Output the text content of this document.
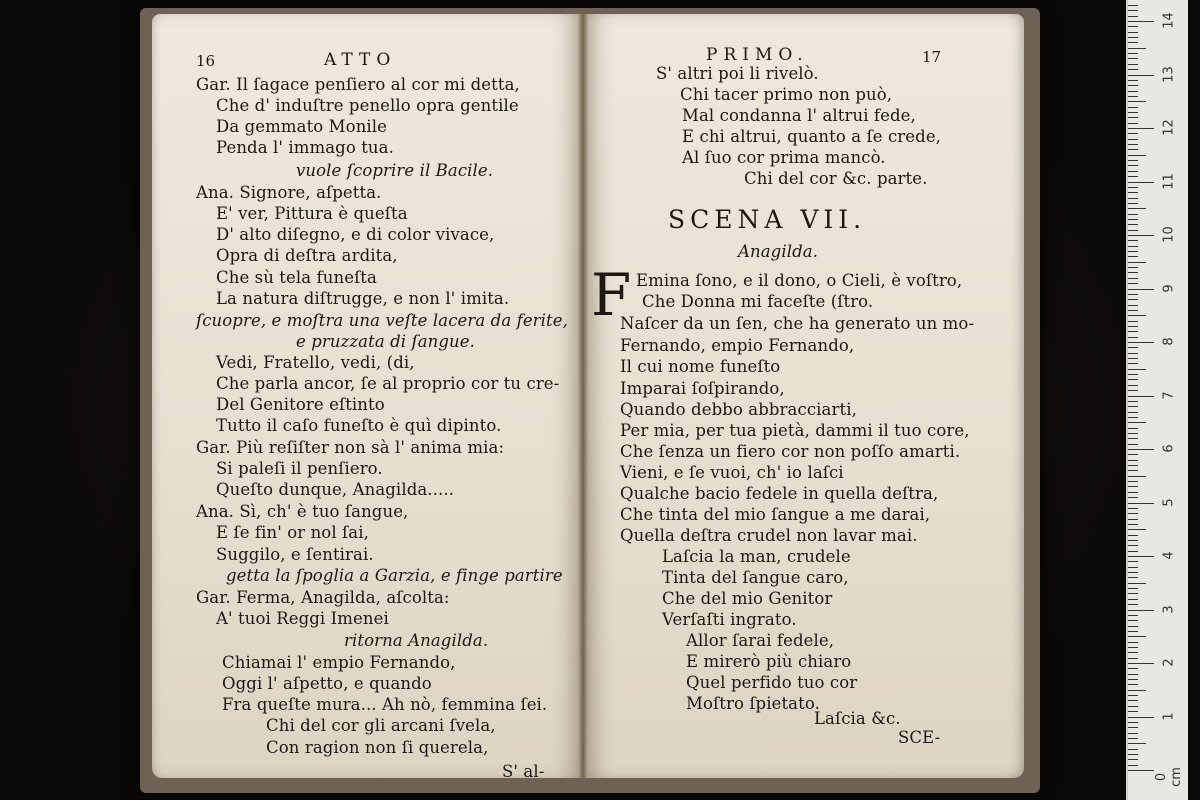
16	ATTO
Gar. Il ſagace penſiero al cor mi detta,
Che d' induſtre penello opra gentile
Da gemmato Monile
Penda l' immago tua.
vuole ſcoprire il Bacile.
Ana. Signore, aſpetta.
E' ver, Pittura è queſta
D' alto diſegno, e di color vivace,
Opra di deſtra ardita,
Che sù tela funeſta
La natura diſtrugge, e non l' imita.
ſcuopre, e moſtra una veſte lacera da ferite,
e pruzzata di ſangue.
Vedi, Fratello, vedi, (di,
Che parla ancor, ſe al proprio cor tu cre-
Del Genitore eſtinto
Tutto il caſo funeſto è quì dipinto.
Gar. Più reſiſter non sà l' anima mia:
Si paleſi il penſiero.
Queſto dunque, Anagilda.....
Ana. Sì, ch' è tuo ſangue,
E ſe fin' or nol ſai,
Suggilo, e ſentirai.
getta la ſpoglia a Garzia, e finge partire
Gar. Ferma, Anagilda, aſcolta:
A' tuoi Reggi Imenei
ritorna Anagilda.
Chiamai l' empio Fernando,
Oggi l' aſpetto, e quando
Fra queſte mura... Ah nò, femmina ſei.
Chi del cor gli arcani ſvela,
Con ragion non ſi querela,
S' al-
PRIMO.	17
S' altri poi li rivelò.
Chi tacer primo non può,
Mal condanna l' altrui fede,
E chi altrui, quanto a ſe crede,
Al ſuo cor prima mancò.
Chi del cor &c. parte.
SCENA VII.
Anagilda.
F Emina ſono, e il dono, o Cieli, è voſtro,
Che Donna mi faceſte (ſtro.
Naſcer da un ſen, che ha generato un mo-
Fernando, empio Fernando,
Il cui nome funeſto
Imparai ſoſpirando,
Quando debbo abbracciarti,
Per mia, per tua pietà, dammi il tuo core,
Che ſenza un fiero cor non poſſo amarti.
Vieni, e ſe vuoi, ch' io laſci
Qualche bacio fedele in quella deſtra,
Che tinta del mio ſangue a me darai,
Quella deſtra crudel non lavar mai.
Laſcia la man, crudele
Tinta del ſangue caro,
Che del mio Genitor
Verſaſti ingrato.
Allor ſarai fedele,
E mirerò più chiaro
Quel perfido tuo cor
Moſtro ſpietato.
Laſcia &c.
SCE-
14
13
12
11
10
9
8
7
6
5
4
3
2
1
0 cm
